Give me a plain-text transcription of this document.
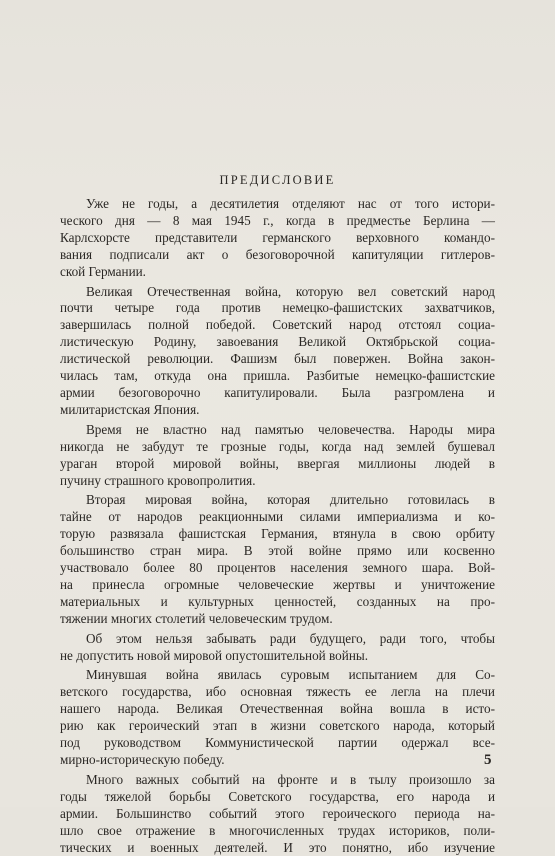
ПРЕДИСЛОВИЕ
Уже не годы, а десятилетия отделяют нас от того истори-
ческого дня — 8 мая 1945 г., когда в предместье Берлина —
Карлсхорсте представители германского верховного командо-
вания подписали акт о безоговорочной капитуляции гитлеров-
ской Германии.
Великая Отечественная война, которую вел советский народ
почти четыре года против немецко-фашистских захватчиков,
завершилась полной победой. Советский народ отстоял социа-
листическую Родину, завоевания Великой Октябрьской социа-
листической революции. Фашизм был повержен. Война закон-
чилась там, откуда она пришла. Разбитые немецко-фашистские
армии безоговорочно капитулировали. Была разгромлена и
милитаристская Япония.
Время не властно над памятью человечества. Народы мира
никогда не забудут те грозные годы, когда над землей бушевал
ураган второй мировой войны, ввергая миллионы людей в
пучину страшного кровопролития.
Вторая мировая война, которая длительно готовилась в
тайне от народов реакционными силами империализма и ко-
торую развязала фашистская Германия, втянула в свою орбиту
большинство стран мира. В этой войне прямо или косвенно
участвовало более 80 процентов населения земного шара. Вой-
на принесла огромные человеческие жертвы и уничтожение
материальных и культурных ценностей, созданных на про-
тяжении многих столетий человеческим трудом.
Об этом нельзя забывать ради будущего, ради того, чтобы
не допустить новой мировой опустошительной войны.
Минувшая война явилась суровым испытанием для Со-
ветского государства, ибо основная тяжесть ее легла на плечи
нашего народа. Великая Отечественная война вошла в исто-
рию как героический этап в жизни советского народа, который
под руководством Коммунистической партии одержал все-
мирно-историческую победу.
Много важных событий на фронте и в тылу произошло за
годы тяжелой борьбы Советского государства, его народа и
армии. Большинство событий этого героического периода на-
шло свое отражение в многочисленных трудах историков, поли-
тических и военных деятелей. И это понятно, ибо изучение
5
